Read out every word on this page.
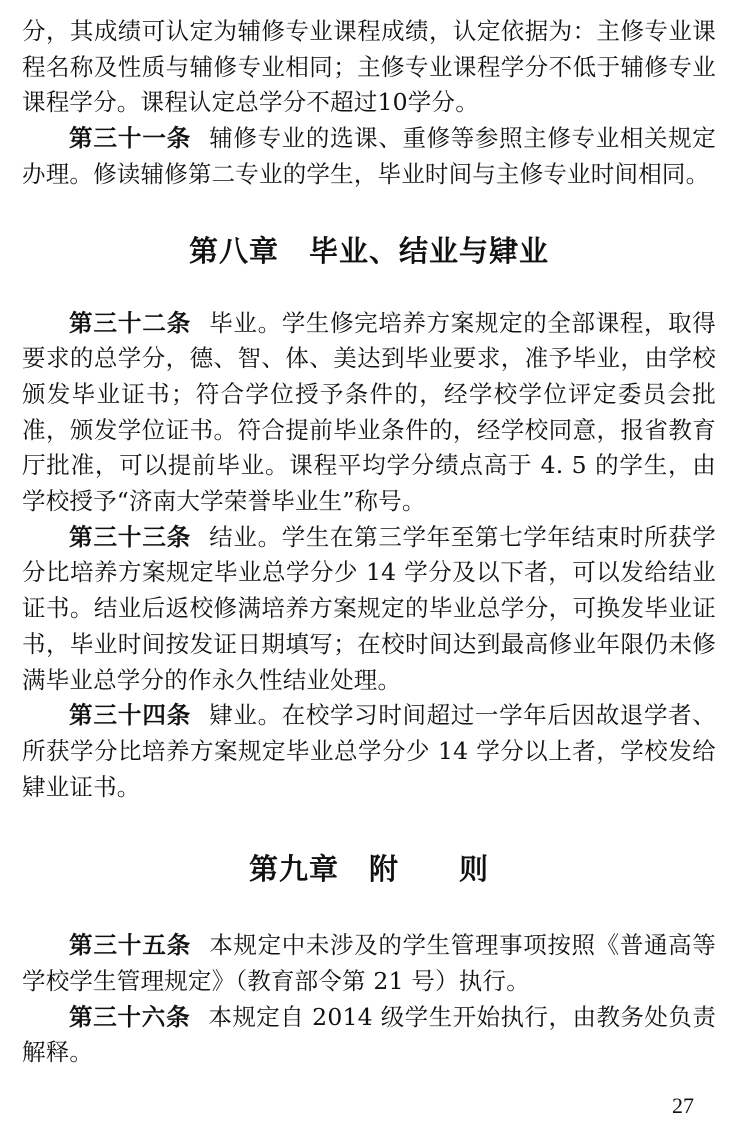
分，其成绩可认定为辅修专业课程成绩，认定依据为：主修专业课程名称及性质与辅修专业相同；主修专业课程学分不低于辅修专业课程学分。课程认定总学分不超过10学分。

第三十一条 辅修专业的选课、重修等参照主修专业相关规定办理。修读辅修第二专业的学生，毕业时间与主修专业时间相同。

第八章　毕业、结业与肄业

第三十二条 毕业。学生修完培养方案规定的全部课程，取得要求的总学分，德、智、体、美达到毕业要求，准予毕业，由学校颁发毕业证书；符合学位授予条件的，经学校学位评定委员会批准，颁发学位证书。符合提前毕业条件的，经学校同意，报省教育厅批准，可以提前毕业。课程平均学分绩点高于 4. 5 的学生，由学校授予“济南大学荣誉毕业生”称号。

第三十三条 结业。学生在第三学年至第七学年结束时所获学分比培养方案规定毕业总学分少 14 学分及以下者，可以发给结业证书。结业后返校修满培养方案规定的毕业总学分，可换发毕业证书，毕业时间按发证日期填写；在校时间达到最高修业年限仍未修满毕业总学分的作永久性结业处理。

第三十四条 肄业。在校学习时间超过一学年后因故退学者、所获学分比培养方案规定毕业总学分少 14 学分以上者，学校发给肄业证书。

第九章　附　　则

第三十五条 本规定中未涉及的学生管理事项按照《普通高等学校学生管理规定》（教育部令第 21 号）执行。

第三十六条 本规定自 2014 级学生开始执行，由教务处负责解释。

27
